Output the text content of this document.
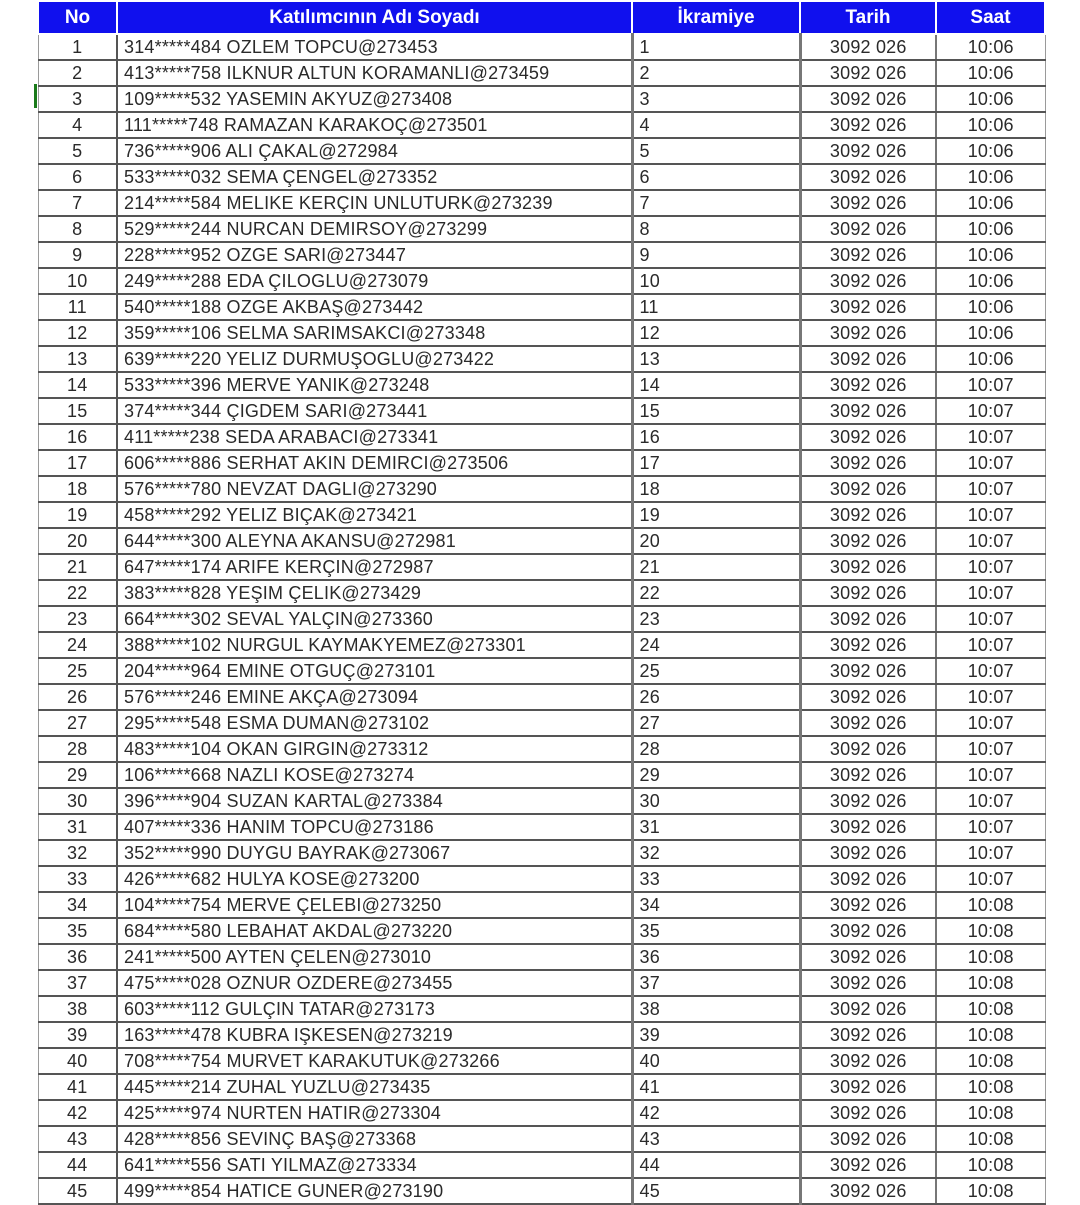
No	Katılımcının Adı Soyadı	İkramiye	Tarih	Saat
1	314*****484 OZLEM TOPCU@273453	1	3092 026	10:06
2	413*****758 ILKNUR ALTUN KORAMANLI@273459	2	3092 026	10:06
3	109*****532 YASEMIN AKYUZ@273408	3	3092 026	10:06
4	111*****748 RAMAZAN KARAKOÇ@273501	4	3092 026	10:06
5	736*****906 ALI ÇAKAL@272984	5	3092 026	10:06
6	533*****032 SEMA ÇENGEL@273352	6	3092 026	10:06
7	214*****584 MELIKE KERÇIN UNLUTURK@273239	7	3092 026	10:06
8	529*****244 NURCAN DEMIRSOY@273299	8	3092 026	10:06
9	228*****952 OZGE SARI@273447	9	3092 026	10:06
10	249*****288 EDA ÇILOGLU@273079	10	3092 026	10:06
11	540*****188 OZGE AKBAŞ@273442	11	3092 026	10:06
12	359*****106 SELMA SARIMSAKCI@273348	12	3092 026	10:06
13	639*****220 YELIZ DURMUŞOGLU@273422	13	3092 026	10:06
14	533*****396 MERVE YANIK@273248	14	3092 026	10:07
15	374*****344 ÇIGDEM SARI@273441	15	3092 026	10:07
16	411*****238 SEDA ARABACI@273341	16	3092 026	10:07
17	606*****886 SERHAT AKIN DEMIRCI@273506	17	3092 026	10:07
18	576*****780 NEVZAT DAGLI@273290	18	3092 026	10:07
19	458*****292 YELIZ BIÇAK@273421	19	3092 026	10:07
20	644*****300 ALEYNA AKANSU@272981	20	3092 026	10:07
21	647*****174 ARIFE KERÇIN@272987	21	3092 026	10:07
22	383*****828 YEŞIM ÇELIK@273429	22	3092 026	10:07
23	664*****302 SEVAL YALÇIN@273360	23	3092 026	10:07
24	388*****102 NURGUL KAYMAKYEMEZ@273301	24	3092 026	10:07
25	204*****964 EMINE OTGUÇ@273101	25	3092 026	10:07
26	576*****246 EMINE AKÇA@273094	26	3092 026	10:07
27	295*****548 ESMA DUMAN@273102	27	3092 026	10:07
28	483*****104 OKAN GIRGIN@273312	28	3092 026	10:07
29	106*****668 NAZLI KOSE@273274	29	3092 026	10:07
30	396*****904 SUZAN KARTAL@273384	30	3092 026	10:07
31	407*****336 HANIM TOPCU@273186	31	3092 026	10:07
32	352*****990 DUYGU BAYRAK@273067	32	3092 026	10:07
33	426*****682 HULYA KOSE@273200	33	3092 026	10:07
34	104*****754 MERVE ÇELEBI@273250	34	3092 026	10:08
35	684*****580 LEBAHAT AKDAL@273220	35	3092 026	10:08
36	241*****500 AYTEN ÇELEN@273010	36	3092 026	10:08
37	475*****028 OZNUR OZDERE@273455	37	3092 026	10:08
38	603*****112 GULÇIN TATAR@273173	38	3092 026	10:08
39	163*****478 KUBRA IŞKESEN@273219	39	3092 026	10:08
40	708*****754 MURVET KARAKUTUK@273266	40	3092 026	10:08
41	445*****214 ZUHAL YUZLU@273435	41	3092 026	10:08
42	425*****974 NURTEN HATIR@273304	42	3092 026	10:08
43	428*****856 SEVINÇ BAŞ@273368	43	3092 026	10:08
44	641*****556 SATI YILMAZ@273334	44	3092 026	10:08
45	499*****854 HATICE GUNER@273190	45	3092 026	10:08
